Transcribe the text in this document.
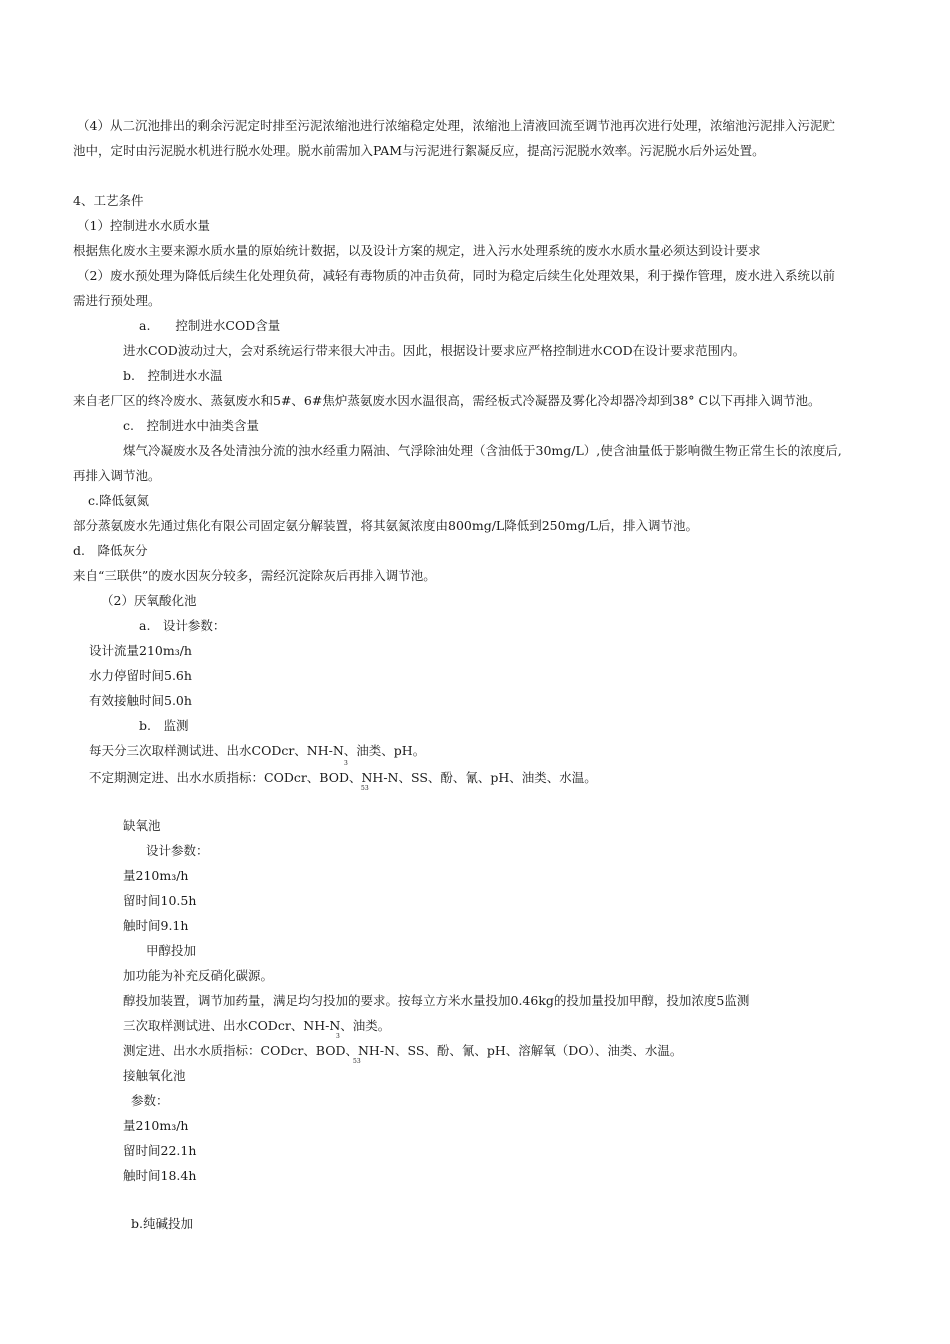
（4）从二沉池排出的剩余污泥定时排至污泥浓缩池进行浓缩稳定处理，浓缩池上清液回流至调节池再次进行处理，浓缩池污泥排入污泥贮
池中，定时由污泥脱水机进行脱水处理。脱水前需加入PAM与污泥进行絮凝反应，提高污泥脱水效率。污泥脱水后外运处置。
4、工艺条件
（1）控制进水水质水量
根据焦化废水主要来源水质水量的原始统计数据，以及设计方案的规定，进入污水处理系统的废水水质水量必须达到设计要求
（2）废水预处理为降低后续生化处理负荷，减轻有毒物质的冲击负荷，同时为稳定后续生化处理效果，利于操作管理，废水进入系统以前
需进行预处理。
a.　　控制进水COD含量
进水COD波动过大，会对系统运行带来很大冲击。因此，根据设计要求应严格控制进水COD在设计要求范围内。
b.　控制进水水温
来自老厂区的终冷废水、蒸氨废水和5#、6#焦炉蒸氨废水因水温很高，需经板式冷凝器及雾化冷却器冷却到38° C以下再排入调节池。
c.　控制进水中油类含量
煤气冷凝废水及各处清浊分流的浊水经重力隔油、气浮除油处理（含油低于30mg/L）,使含油量低于影响微生物正常生长的浓度后,
再排入调节池。
c.降低氨氮
部分蒸氨废水先通过焦化有限公司固定氨分解装置，将其氨氮浓度由800mg/L降低到250mg/L后，排入调节池。
d.　降低灰分
来自“三联供”的废水因灰分较多，需经沉淀除灰后再排入调节池。
（2）厌氧酸化池
a.　设计参数：
设计流量210m₃/h
水力停留时间5.6h
有效接触时间5.0h
b.　监测
每天分三次取样测试进、出水CODcr、NH-N、油类、pH。
3
不定期测定进、出水水质指标：CODcr、BOD、NH-N、SS、酚、氰、pH、油类、水温。
53
缺氧池
设计参数：
量210m₃/h
留时间10.5h
触时间9.1h
甲醇投加
加功能为补充反硝化碳源。
醇投加装置，调节加药量，满足均匀投加的要求。按每立方米水量投加0.46kg的投加量投加甲醇，投加浓度5监测
三次取样测试进、出水CODcr、NH-N、油类。
3
测定进、出水水质指标：CODcr、BOD、NH-N、SS、酚、氰、pH、溶解氧（DO）、油类、水温。
53
接触氧化池
参数：
量210m₃/h
留时间22.1h
触时间18.4h
b.纯碱投加
